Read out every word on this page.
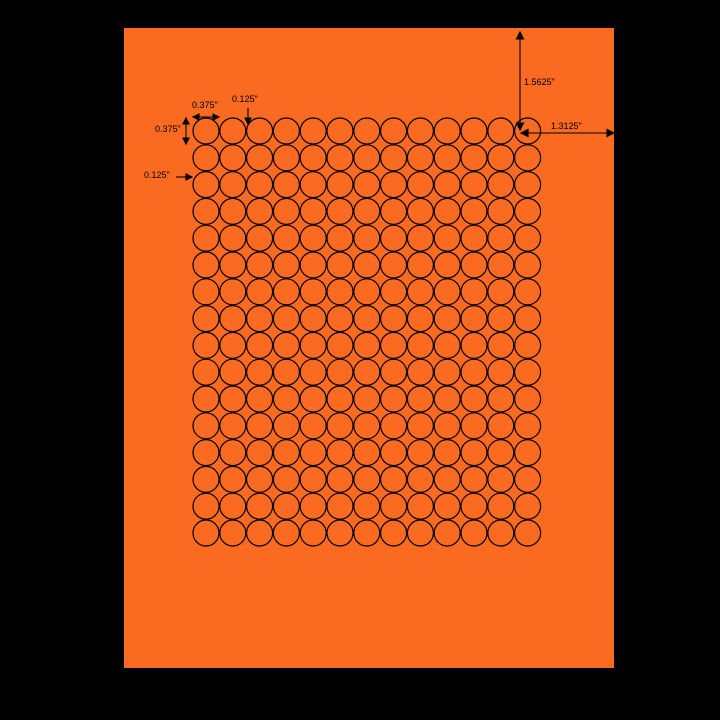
0.375"
0.125"
0.375"
0.125"
1.5625"
1.3125"
